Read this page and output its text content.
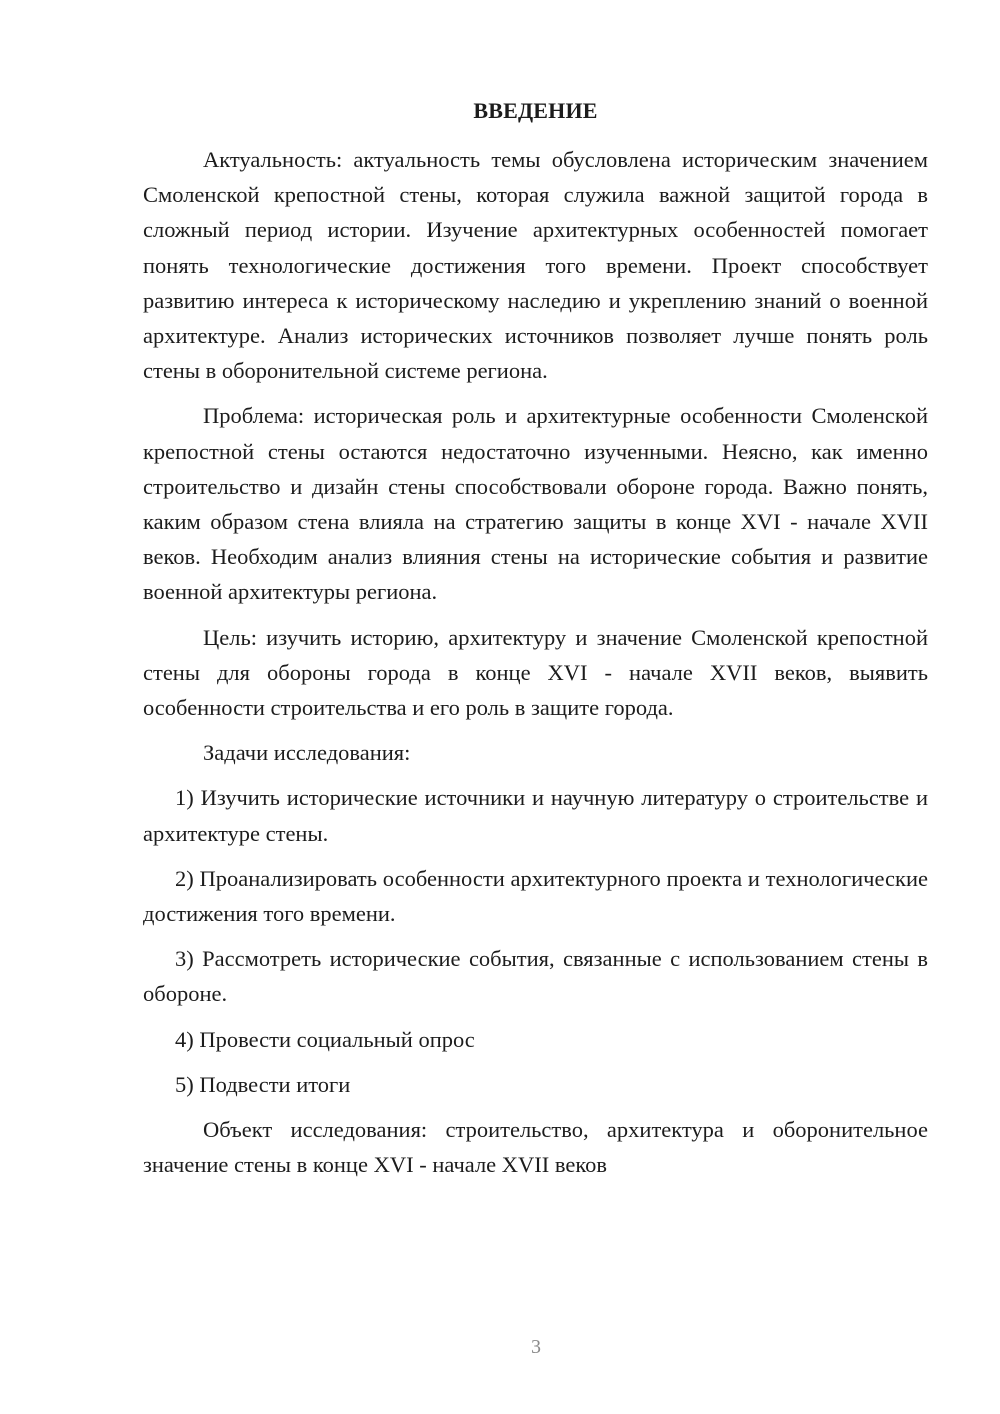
ВВЕДЕНИЕ

Актуальность: актуальность темы обусловлена историческим значением Смоленской крепостной стены, которая служила важной защитой города в сложный период истории. Изучение архитектурных особенностей помогает понять технологические достижения того времени. Проект способствует развитию интереса к историческому наследию и укреплению знаний о военной архитектуре. Анализ исторических источников позволяет лучше понять роль стены в оборонительной системе региона.

Проблема: историческая роль и архитектурные особенности Смоленской крепостной стены остаются недостаточно изученными. Неясно, как именно строительство и дизайн стены способствовали обороне города. Важно понять, каким образом стена влияла на стратегию защиты в конце XVI - начале XVII веков. Необходим анализ влияния стены на исторические события и развитие военной архитектуры региона.

Цель: изучить историю, архитектуру и значение Смоленской крепостной стены для обороны города в конце XVI - начале XVII веков, выявить особенности строительства и его роль в защите города.

Задачи исследования:

1) Изучить исторические источники и научную литературу о строительстве и архитектуре стены.

2) Проанализировать особенности архитектурного проекта и технологические достижения того времени.

3) Рассмотреть исторические события, связанные с использованием стены в обороне.

4) Провести социальный опрос

5) Подвести итоги

Объект исследования: строительство, архитектура и оборонительное значение стены в конце XVI - начале XVII веков

3
